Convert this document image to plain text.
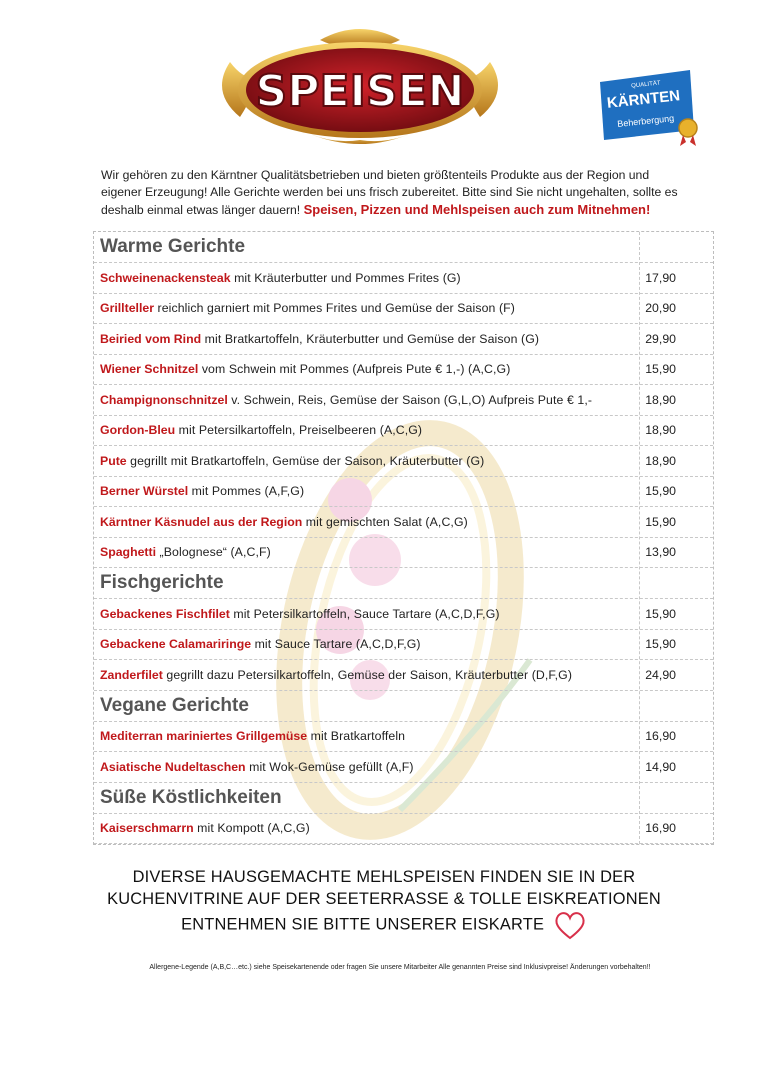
SPEISEN	QUALITÄT
KÄRNTEN
Beherbergung
Wir gehören zu den Kärntner Qualitätsbetrieben und bieten größtenteils Produkte aus der Region und eigener Erzeugung! Alle Gerichte werden bei uns frisch zubereitet. Bitte sind Sie nicht ungehalten, sollte es deshalb einmal etwas länger dauern! Speisen, Pizzen und Mehlspeisen auch zum Mitnehmen!
Warme Gerichte
Schweinenackensteak mit Kräuterbutter und Pommes Frites (G)	17,90
Grillteller reichlich garniert mit Pommes Frites und Gemüse der Saison (F)	20,90
Beiried vom Rind mit Bratkartoffeln, Kräuterbutter und Gemüse der Saison (G)	29,90
Wiener Schnitzel vom Schwein mit Pommes (Aufpreis Pute € 1,-) (A,C,G)	15,90
Champignonschnitzel v. Schwein, Reis, Gemüse der Saison (G,L,O) Aufpreis Pute € 1,-	18,90
Gordon-Bleu mit Petersilkartoffeln, Preiselbeeren (A,C,G)	18,90
Pute gegrillt mit Bratkartoffeln, Gemüse der Saison, Kräuterbutter (G)	18,90
Berner Würstel mit Pommes (A,F,G)	15,90
Kärntner Käsnudel aus der Region mit gemischten Salat (A,C,G)	15,90
Spaghetti „Bolognese“ (A,C,F)	13,90
Fischgerichte
Gebackenes Fischfilet mit Petersilkartoffeln, Sauce Tartare (A,C,D,F,G)	15,90
Gebackene Calamariringe mit Sauce Tartare (A,C,D,F,G)	15,90
Zanderfilet gegrillt dazu Petersilkartoffeln, Gemüse der Saison, Kräuterbutter (D,F,G)	24,90
Vegane Gerichte
Mediterran mariniertes Grillgemüse mit Bratkartoffeln	16,90
Asiatische Nudeltaschen mit Wok-Gemüse gefüllt (A,F)	14,90
Süße Köstlichkeiten
Kaiserschmarrn mit Kompott (A,C,G)	16,90
DIVERSE HAUSGEMACHTE MEHLSPEISEN FINDEN SIE IN DER
KUCHENVITRINE AUF DER SEETERRASSE & TOLLE EISKREATIONEN
ENTNEHMEN SIE BITTE UNSERER EISKARTE
Allergene-Legende (A,B,C…etc.) siehe Speisekartenende oder fragen Sie unsere Mitarbeiter Alle genannten Preise sind Inklusivpreise! Änderungen vorbehalten!!
